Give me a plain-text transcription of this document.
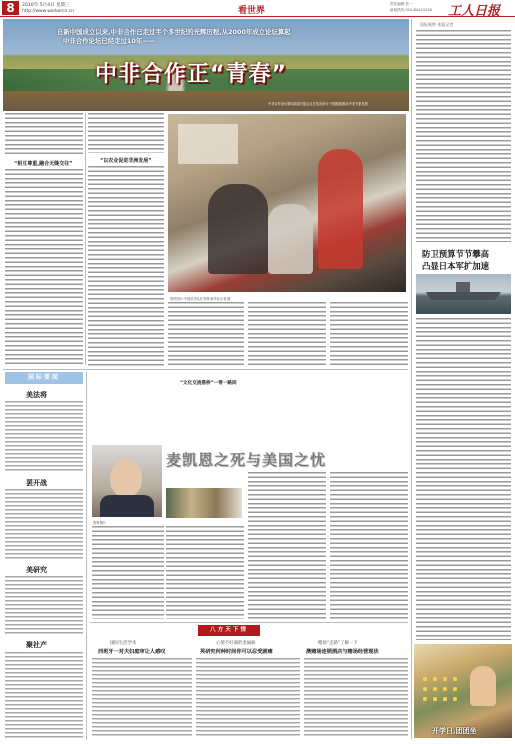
8	2010年 5月4日 星期三
http://www.workercn.cn	看世界
责任编辑 张一
新闻热线 010-84151234 工人日报
自新中国成立以来,中非合作已走过半个多世纪的光辉历程,从2000年成立论坛算起
中非合作论坛已经走过10年——
中非合作正“青春”
中非合作论坛第四届部长级会议在埃及举行 中国积极推动中非关系发展
“相互尊重,融合无缝交往”	“以农业促进非洲发展”
资料图片:中国医疗队在非洲 新华社记者 摄
“文化交流搭桥”一带一路间
国际要闻
美法将
罢开战
美研究
聚社产
资料图片
麦凯恩之死与美国之忧
八方天下情
国际生活学术
西班牙一对夫妇庭审让人感叹
心情不好离的金属病
英研究何种时间你可以忍受剧痛
赌场“走路”了解一下
澳赌场连锁酒店与赌场经营现状
国际观察 本报记者
防卫预算节节攀高
凸显日本军扩加速
开学日,团团坐
